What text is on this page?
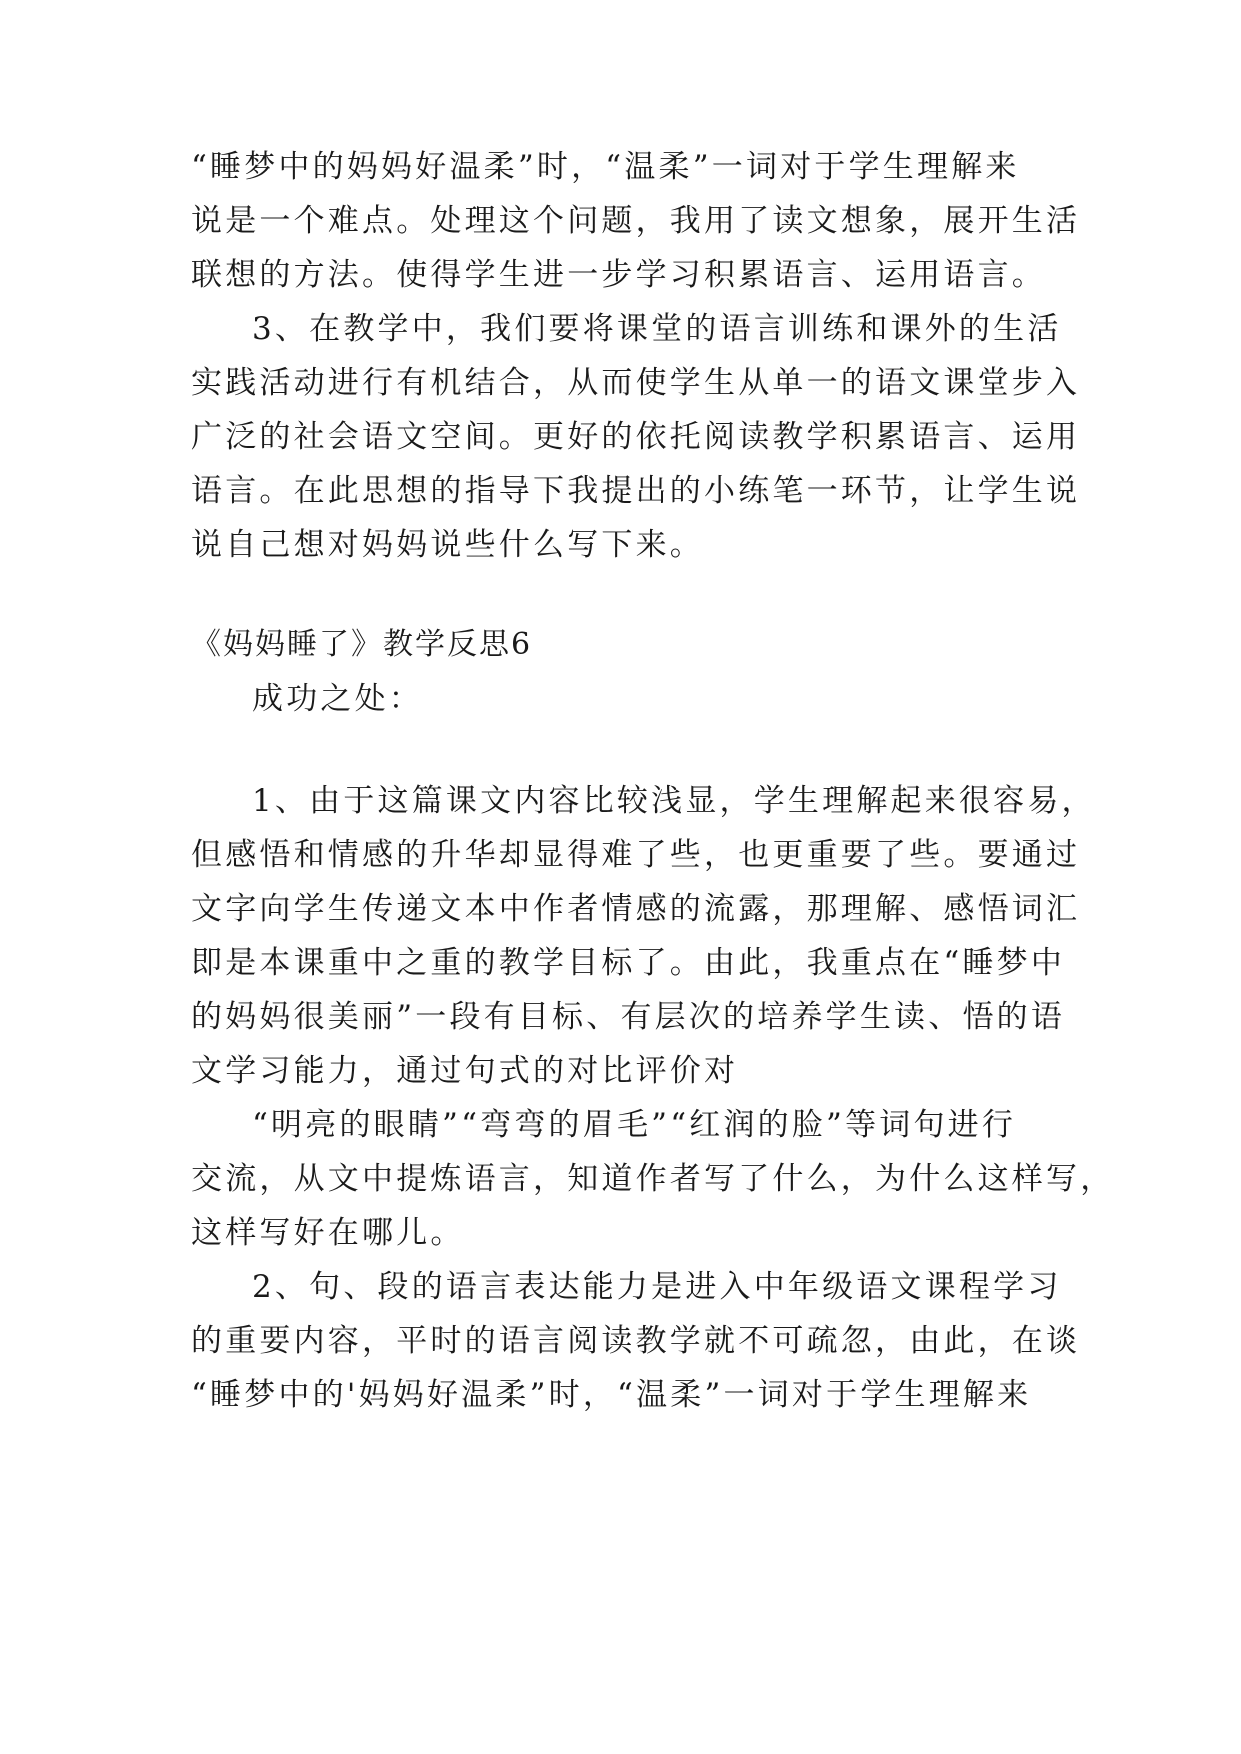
“睡梦中的妈妈好温柔”时，“温柔”一词对于学生理解来

说是一个难点。处理这个问题，我用了读文想象，展开生活

联想的方法。使得学生进一步学习积累语言、运用语言。

3、在教学中，我们要将课堂的语言训练和课外的生活

实践活动进行有机结合，从而使学生从单一的语文课堂步入

广泛的社会语文空间。更好的依托阅读教学积累语言、运用

语言。在此思想的指导下我提出的小练笔一环节，让学生说

说自己想对妈妈说些什么写下来。

《妈妈睡了》教学反思6

成功之处：

1、由于这篇课文内容比较浅显，学生理解起来很容易，

但感悟和情感的升华却显得难了些，也更重要了些。要通过

文字向学生传递文本中作者情感的流露，那理解、感悟词汇

即是本课重中之重的教学目标了。由此，我重点在“睡梦中

的妈妈很美丽”一段有目标、有层次的培养学生读、悟的语

文学习能力，通过句式的对比评价对

“明亮的眼睛”“弯弯的眉毛”“红润的脸”等词句进行

交流，从文中提炼语言，知道作者写了什么，为什么这样写，

这样写好在哪儿。

2、句、段的语言表达能力是进入中年级语文课程学习

的重要内容，平时的语言阅读教学就不可疏忽，由此，在谈

“睡梦中的'妈妈好温柔”时，“温柔”一词对于学生理解来
